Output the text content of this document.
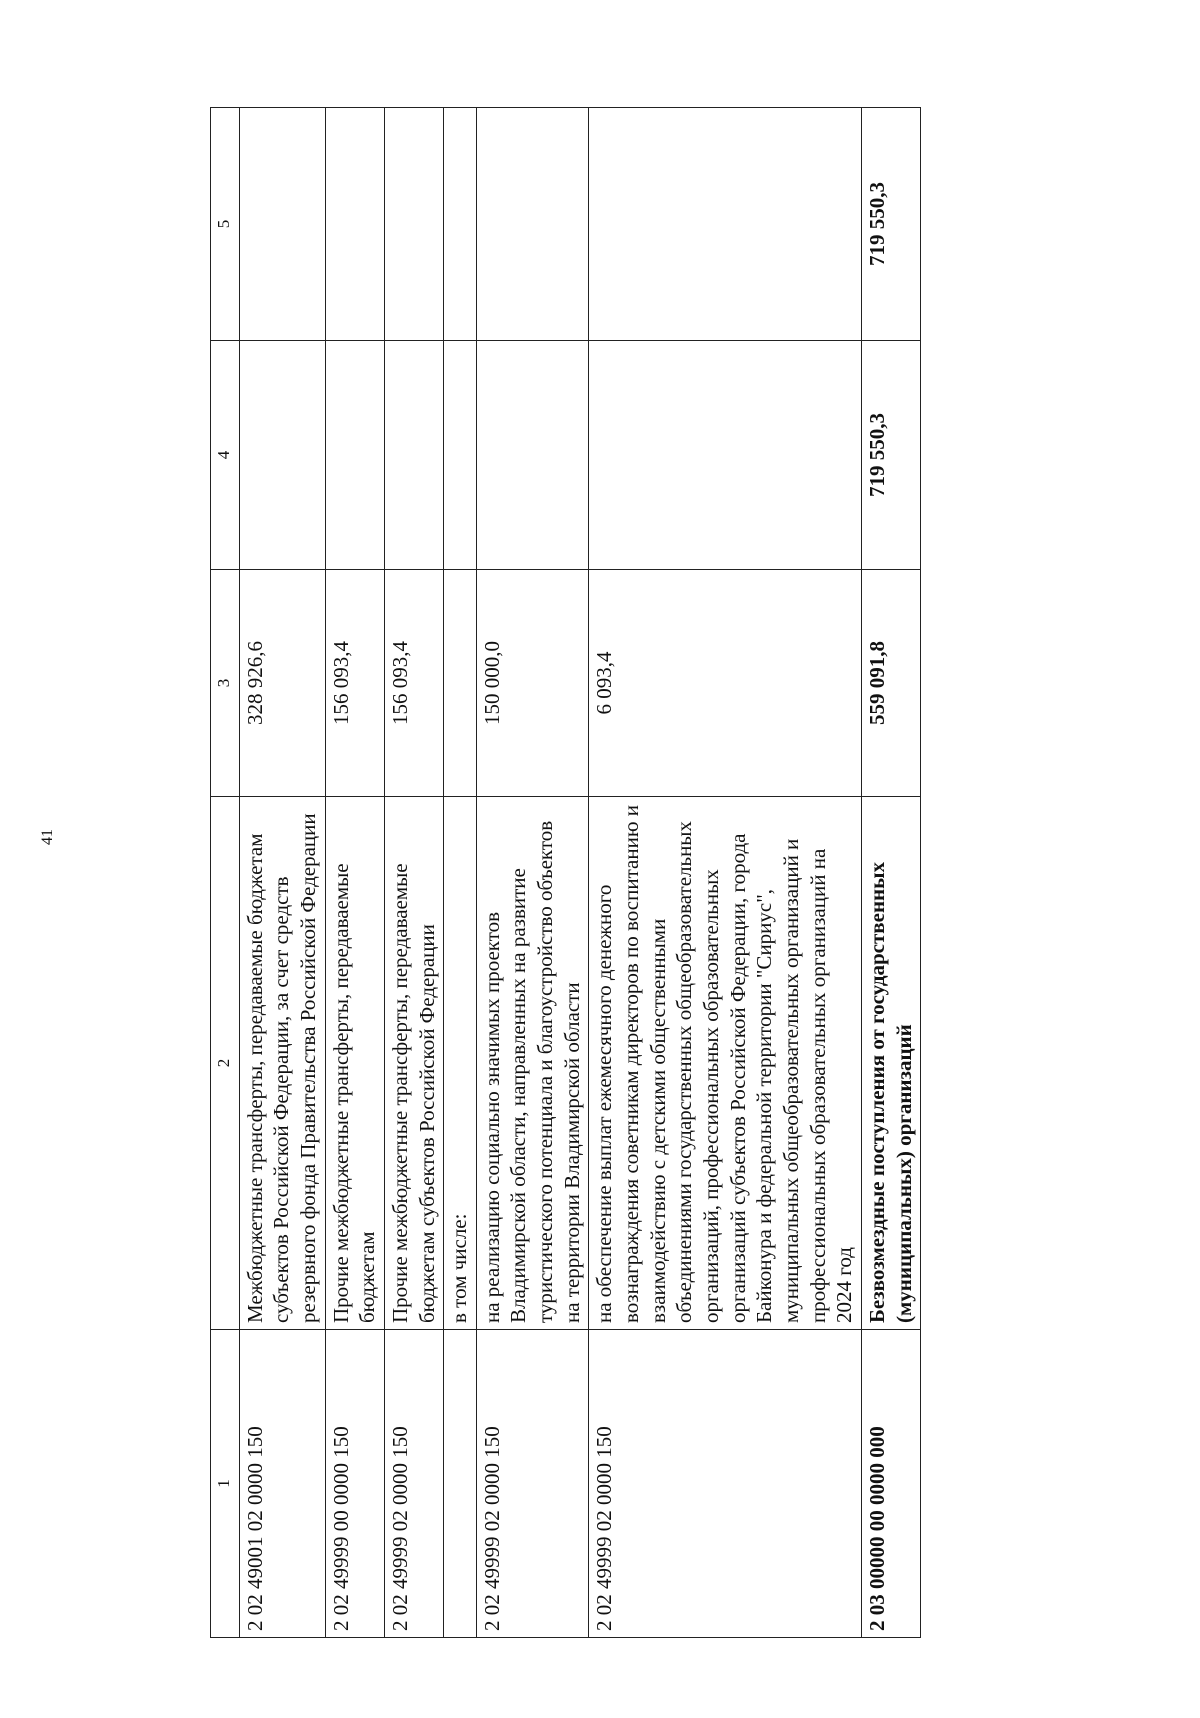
41
1	2	3	4	5
2 02 49001 02 0000 150	Межбюджетные трансферты, передаваемые бюджетам субъектов Российской Федерации, за счет средств резервного фонда Правительства Российской Федерации	328 926,6		
2 02 49999 00 0000 150	Прочие межбюджетные трансферты, передаваемые бюджетам	156 093,4		
2 02 49999 02 0000 150	Прочие межбюджетные трансферты, передаваемые бюджетам субъектов Российской Федерации	156 093,4		
	в том числе:			
2 02 49999 02 0000 150	на реализацию социально значимых проектов Владимирской области, направленных на развитие туристического потенциала и благоустройство объектов на территории Владимирской области	150 000,0		
2 02 49999 02 0000 150	на обеспечение выплат ежемесячного денежного вознаграждения советникам директоров по воспитанию и взаимодействию с детскими общественными объединениями государственных общеобразовательных организаций, профессиональных образовательных организаций субъектов Российской Федерации, города Байконура и федеральной территории "Сириус", муниципальных общеобразовательных организаций и профессиональных образовательных организаций на 2024 год	6 093,4		
2 03 00000 00 0000 000	Безвозмездные поступления от государственных (муниципальных) организаций	559 091,8	719 550,3	719 550,3
